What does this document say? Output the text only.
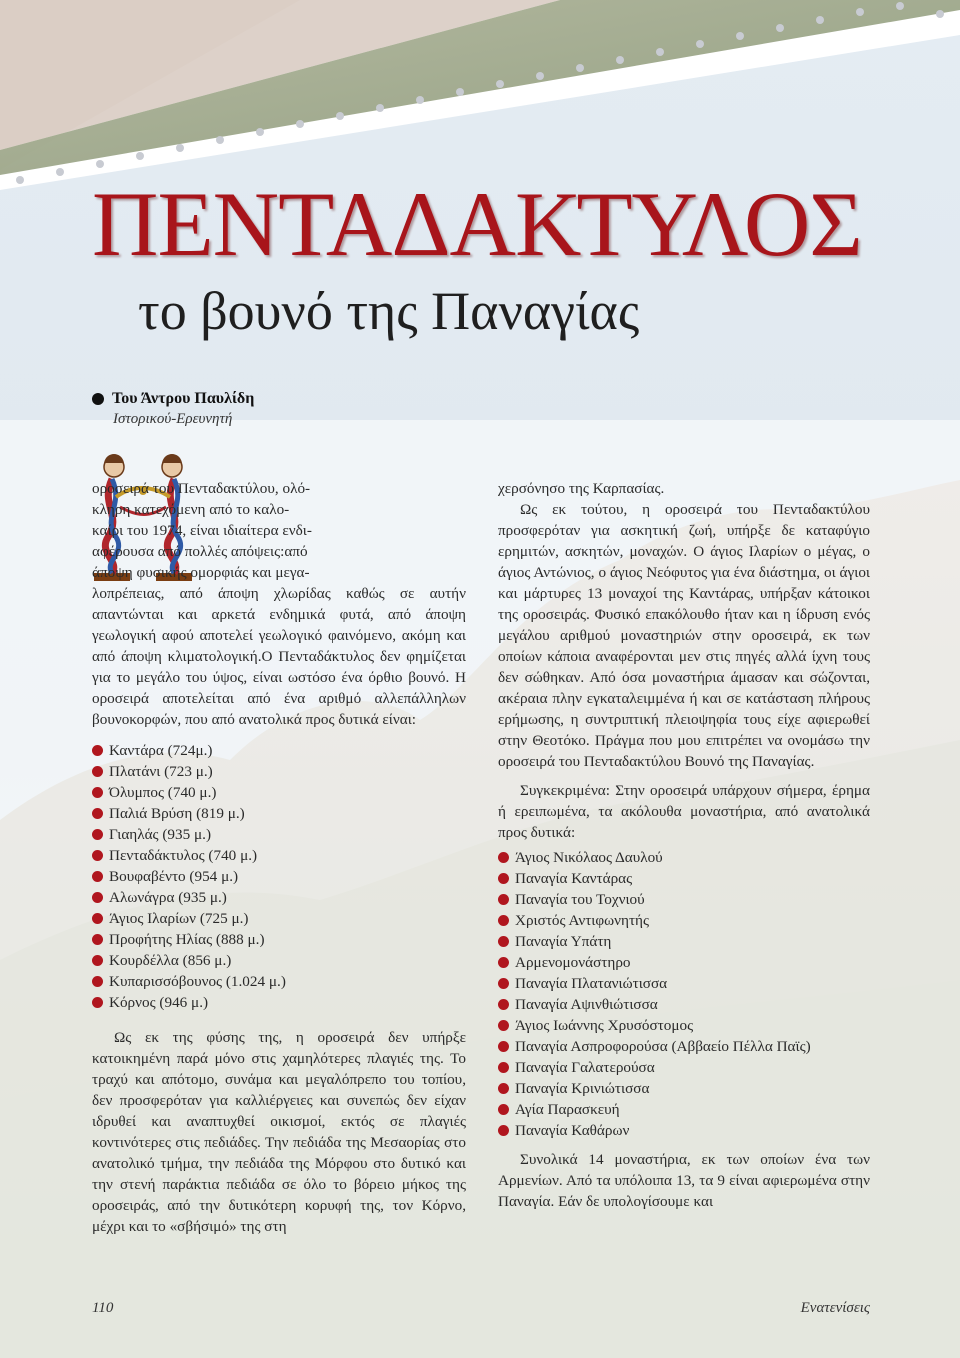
ΠΕΝΤΑΔΑΚΤΥΛΟΣ
το βουνό της Παναγίας
Του Άντρου Παυλίδη
Ιστορικού-Ερευνητή

οροσειρά του Πενταδακτύλου, ολό-

κληρη κατεχόμενη από το καλο-

καίρι του 1974, είναι ιδιαίτερα ενδι-

αφέρουσα από πολλές απόψεις:από

άποψη φυσικής ομορφιάς και μεγα-

λοπρέπειας, από άποψη χλωρίδας καθώς σε αυτήν απαντώνται και αρκετά ενδημικά φυτά, από άποψη γεωλογική αφού αποτελεί γεωλογικό φαινόμενο, ακόμη και από άποψη κλιματολογική.Ο Πενταδάκτυλος δεν φημίζεται για το μεγάλο του ύψος, είναι ωστόσο ένα όρθιο βουνό. Η οροσειρά αποτελείται από ένα αριθμό αλλεπάλληλων βουνοκορφών, που από ανατολικά προς δυτικά είναι:

Καντάρα (724μ.)
Πλατάνι (723 μ.)
Όλυμπος (740 μ.)
Παλιά Βρύση (819 μ.)
Γιαηλάς (935 μ.)
Πενταδάκτυλος (740 μ.)
Βουφαβέντο (954 μ.)
Αλωνάγρα (935 μ.)
Άγιος Ιλαρίων (725 μ.)
Προφήτης Ηλίας (888 μ.)
Κουρδέλλα (856 μ.)
Κυπαρισσόβουνος (1.024 μ.)
Κόρνος (946 μ.)

Ως εκ της φύσης της, η οροσειρά δεν υπήρξε κατοικημένη παρά μόνο στις χαμηλότερες πλαγιές της. Το τραχύ και απότομο, συνάμα και μεγαλόπρεπο του τοπίου, δεν προσφερόταν για καλλιέργειες και συνεπώς δεν είχαν ιδρυθεί και αναπτυχθεί οικισμοί, εκτός σε πλαγιές κοντινότερες στις πεδιάδες. Την πεδιάδα της Μεσαορίας στο ανατολικό τμήμα, την πεδιάδα της Μόρφου στο δυτικό και την στενή παράκτια πεδιάδα σε όλο το βόρειο μήκος της οροσειράς, από την δυτικότερη κορυφή της, τον Κόρνο, μέχρι και το «σβήσιμό» της στη

χερσόνησο της Καρπασίας.

Ως εκ τούτου, η οροσειρά του Πενταδακτύλου προσφερόταν για ασκητική ζωή, υπήρξε δε καταφύγιο ερημιτών, ασκητών, μοναχών. Ο άγιος Ιλαρίων ο μέγας, ο άγιος Αντώνιος, ο άγιος Νεόφυτος για ένα διάστημα, οι άγιοι και μάρτυρες 13 μοναχοί της Καντάρας, υπήρξαν κάτοικοι της οροσειράς. Φυσικό επακόλουθο ήταν και η ίδρυση ενός μεγάλου αριθμού μοναστηριών στην οροσειρά, εκ των οποίων κάποια αναφέρονται μεν στις πηγές αλλά ίχνη τους δεν σώθηκαν. Από όσα μοναστήρια άμασαν και σώζονται, ακέραια πλην εγκαταλειμμένα ή και σε κατάσταση πλήρους ερήμωσης, η συντριπτική πλειοψηφία τους είχε αφιερωθεί στην Θεοτόκο. Πράγμα που μου επιτρέπει να ονομάσω την οροσειρά του Πενταδακτύλου Βουνό της Παναγίας.

Συγκεκριμένα: Στην οροσειρά υπάρχουν σήμερα, έρημα ή ερειπωμένα, τα ακόλουθα μοναστήρια, από ανατολικά προς δυτικά:

Άγιος Νικόλαος Δαυλού
Παναγία Καντάρας
Παναγία του Τοχνιού
Χριστός Αντιφωνητής
Παναγία Υπάτη
Αρμενομονάστηρο
Παναγία Πλατανιώτισσα
Παναγία Αψινθιώτισσα
Άγιος Ιωάννης Χρυσόστομος
Παναγία Ασπροφορούσα (Αββαείο Πέλλα Παϊς)
Παναγία Γαλατερούσα
Παναγία Κρινιώτισσα
Αγία Παρασκευή
Παναγία Καθάρων

Συνολικά 14 μοναστήρια, εκ των οποίων ένα των Αρμενίων. Από τα υπόλοιπα 13, τα 9 είναι αφιερωμένα στην Παναγία. Εάν δε υπολογίσουμε και

110	Ενατενίσεις
